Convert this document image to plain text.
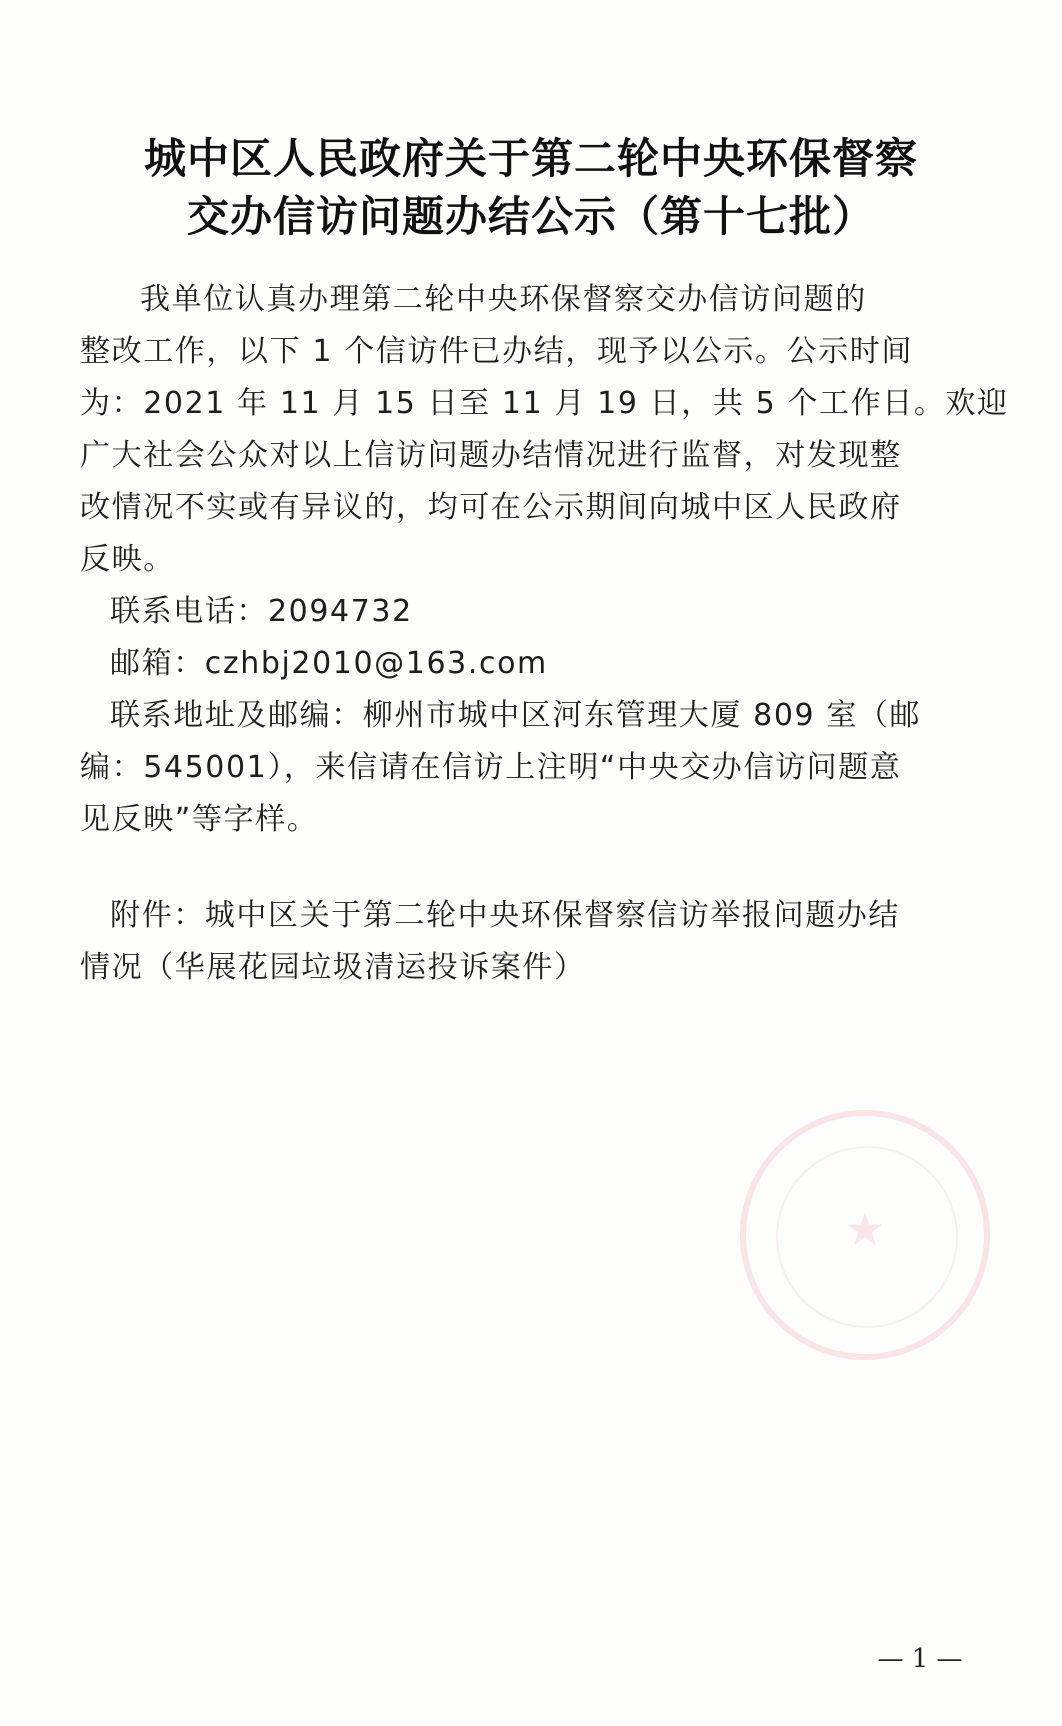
城中区人民政府关于第二轮中央环保督察
交办信访问题办结公示（第十七批）
我单位认真办理第二轮中央环保督察交办信访问题的
整改工作，以下 1 个信访件已办结，现予以公示。公示时间
为：2021 年 11 月 15 日至 11 月 19 日，共 5 个工作日。欢迎
广大社会公众对以上信访问题办结情况进行监督，对发现整
改情况不实或有异议的，均可在公示期间向城中区人民政府
反映。
联系电话：2094732
邮箱：czhbj2010@163.com
联系地址及邮编：柳州市城中区河东管理大厦 809 室（邮
编：545001），来信请在信访上注明“中央交办信访问题意
见反映”等字样。
附件：城中区关于第二轮中央环保督察信访举报问题办结
情况（华展花园垃圾清运投诉案件）
★
— 1 —
